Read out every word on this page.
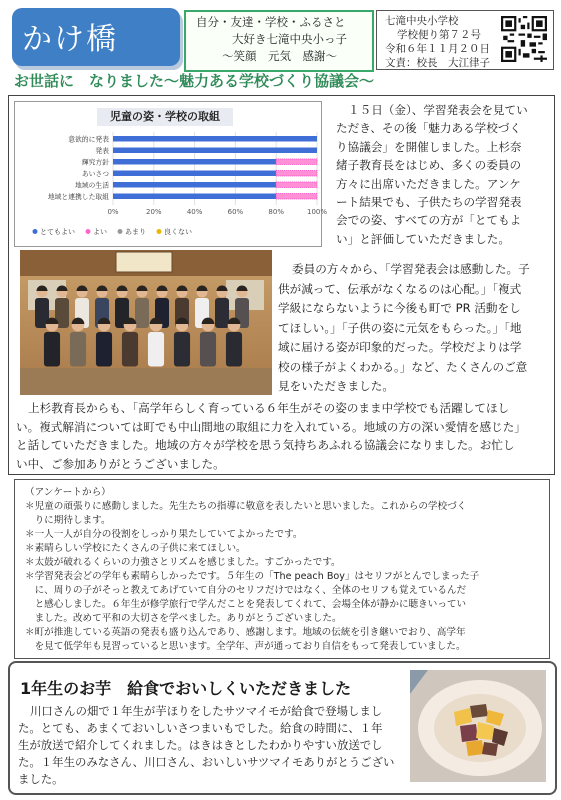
かけ橋	自分・友達・学校・ふるさと
大好き七滝中央小っ子
～笑顔　元気　感謝～
七滝中央小学校
学校便り第７２号
令和６年１１月２０日
文責：校長　大江律子
お世話に　なりました～魅力ある学校づくり協議会～
児童の姿・学校の取組
0%	20%	40%	60%	80%	100%
意欲的に発表
発表
輝究方針
あいさつ
地域の生活
地域と連携した取組
とてもよい	よい	あまり	良くない
１５日（金）、学習発表会を見てい
ただき、その後「魅力ある学校づく
り協議会」を開催しました。上杉奈
緒子教育長をはじめ、多くの委員の
方々に出席いただきました。アンケ
ート結果でも、子供たちの学習発表
会での姿、すべての方が「とてもよ
い」と評価していただきました。
委員の方々から、「学習発表会は感動した。子
供が減って、伝承がなくなるのは心配。」「複式
学級にならないように今後も町で PR 活動をし
てほしい。」「子供の姿に元気をもらった。」「地
域に届ける姿が印象的だった。学校だよりは学
校の様子がよくわかる。」など、たくさんのご意
見をいただきました。
上杉教育長からも、「高学年らしく育っている６年生がその姿のまま中学校でも活躍してほし
い。複式解消については町でも中山間地の取組に力を入れている。地域の方の深い愛情を感じた」
と話していただきました。地域の方々が学校を思う気持ちあふれる協議会になりました。お忙し
い中、ご参加ありがとうございました。
（アンケートから）
＊児童の頑張りに感動しました。先生たちの指導に敬意を表したいと思いました。これからの学校づく
　りに期待します。
＊一人一人が自分の役割をしっかり果たしていてよかったです。
＊素晴らしい学校にたくさんの子供に来てほしい。
＊太鼓が破れるくらいの力強さとリズムを感じました。すごかったです。
＊学習発表会どの学年も素晴らしかったです。５年生の「The peach Boy」はセリフがとんでしまった子
　に、周りの子がそっと教えてあげていて自分のセリフだけではなく、全体のセリフも覚えているんだ
　と感心しました。６年生が修学旅行で学んだことを発表してくれて、会場全体が静かに聴きいってい
　ました。改めて平和の大切さを学べました。ありがとうございました。
＊町が推進している英語の発表も盛り込んであり、感謝します。地域の伝統を引き継いでおり、高学年
　を見て低学年も見習っていると思います。全学年、声が通っており自信をもって発表していました。
1年生のお芋　給食でおいしくいただきました
川口さんの畑で１年生が芋ほりをしたサツマイモが給食で登場しまし
た。とても、あまくておいしいさつまいもでした。給食の時間に、１年
生が放送で紹介してくれました。はきはきとしたわかりやすい放送でし
た。１年生のみなさん、川口さん、おいしいサツマイモありがとうござい
ました。
